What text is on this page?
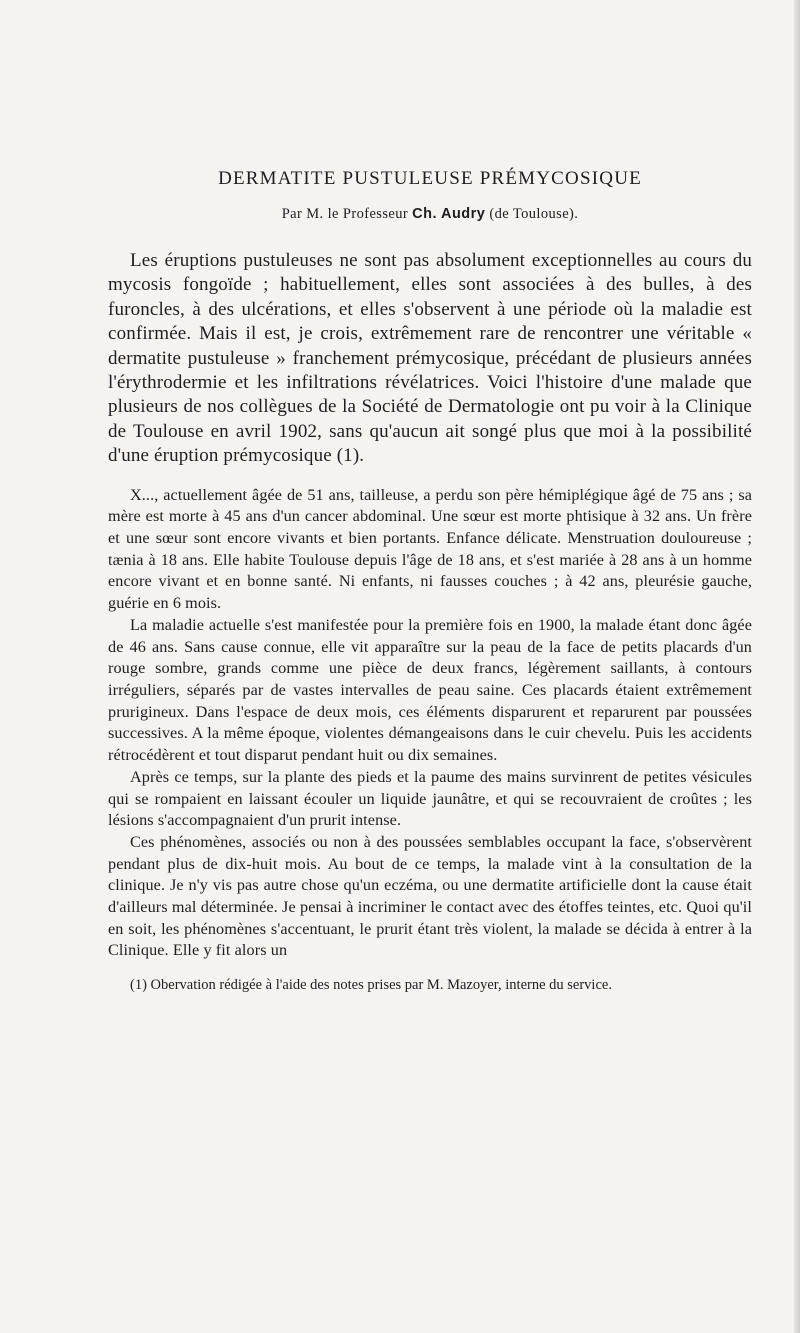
DERMATITE PUSTULEUSE PRÉMYCOSIQUE
Par M. le Professeur Ch. Audry (de Toulouse).

Les éruptions pustuleuses ne sont pas absolument exceptionnelles au cours du mycosis fongoïde ; habituellement, elles sont associées à des bulles, à des furoncles, à des ulcérations, et elles s'observent à une période où la maladie est confirmée. Mais il est, je crois, extrêmement rare de rencontrer une véritable « dermatite pustuleuse » franchement prémycosique, précédant de plusieurs années l'érythrodermie et les infiltrations révélatrices. Voici l'histoire d'une malade que plusieurs de nos collègues de la Société de Dermatologie ont pu voir à la Clinique de Toulouse en avril 1902, sans qu'aucun ait songé plus que moi à la possibilité d'une éruption prémycosique (1).

X..., actuellement âgée de 51 ans, tailleuse, a perdu son père hémiplégique âgé de 75 ans ; sa mère est morte à 45 ans d'un cancer abdominal. Une sœur est morte phtisique à 32 ans. Un frère et une sœur sont encore vivants et bien portants. Enfance délicate. Menstruation douloureuse ; tænia à 18 ans. Elle habite Toulouse depuis l'âge de 18 ans, et s'est mariée à 28 ans à un homme encore vivant et en bonne santé. Ni enfants, ni fausses couches ; à 42 ans, pleurésie gauche, guérie en 6 mois.

La maladie actuelle s'est manifestée pour la première fois en 1900, la malade étant donc âgée de 46 ans. Sans cause connue, elle vit apparaître sur la peau de la face de petits placards d'un rouge sombre, grands comme une pièce de deux francs, légèrement saillants, à contours irréguliers, séparés par de vastes intervalles de peau saine. Ces placards étaient extrêmement prurigineux. Dans l'espace de deux mois, ces éléments disparurent et reparurent par poussées successives. A la même époque, violentes démangeaisons dans le cuir chevelu. Puis les accidents rétrocédèrent et tout disparut pendant huit ou dix semaines.

Après ce temps, sur la plante des pieds et la paume des mains survinrent de petites vésicules qui se rompaient en laissant écouler un liquide jaunâtre, et qui se recouvraient de croûtes ; les lésions s'accompagnaient d'un prurit intense.

Ces phénomènes, associés ou non à des poussées semblables occupant la face, s'observèrent pendant plus de dix-huit mois. Au bout de ce temps, la malade vint à la consultation de la clinique. Je n'y vis pas autre chose qu'un eczéma, ou une dermatite artificielle dont la cause était d'ailleurs mal déterminée. Je pensai à incriminer le contact avec des étoffes teintes, etc. Quoi qu'il en soit, les phénomènes s'accentuant, le prurit étant très violent, la malade se décida à entrer à la Clinique. Elle y fit alors un

(1) Obervation rédigée à l'aide des notes prises par M. Mazoyer, interne du service.
